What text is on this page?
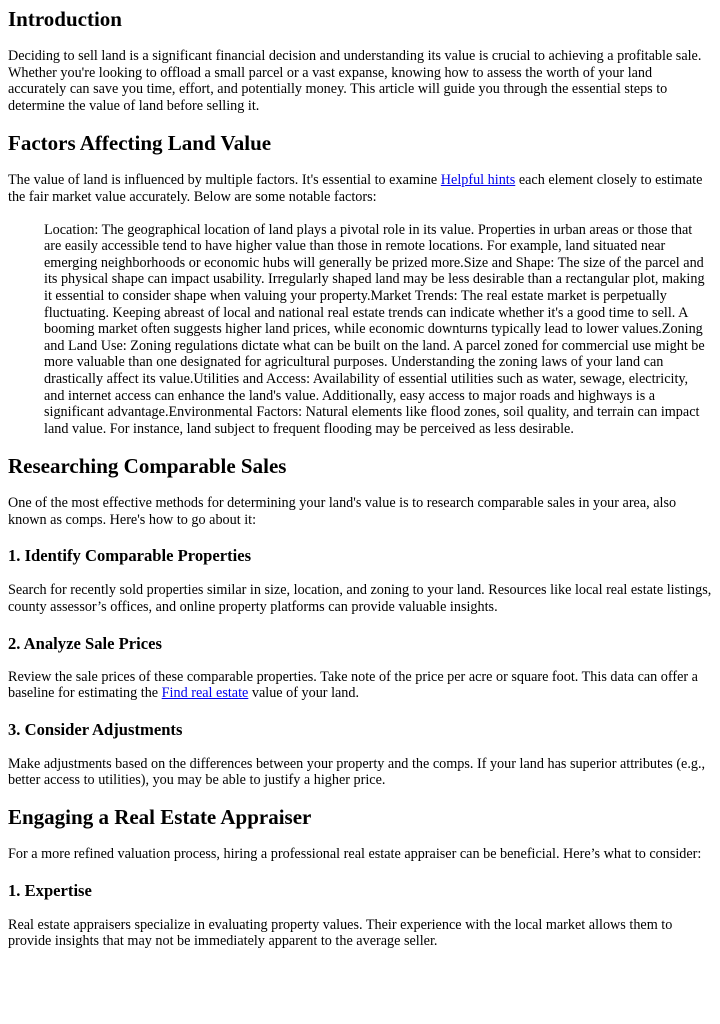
Introduction

Deciding to sell land is a significant financial decision and understanding its value is crucial to achieving a profitable sale. Whether you're looking to offload a small parcel or a vast expanse, knowing how to assess the worth of your land accurately can save you time, effort, and potentially money. This article will guide you through the essential steps to determine the value of land before selling it.

Factors Affecting Land Value

The value of land is influenced by multiple factors. It's essential to examine Helpful hints each element closely to estimate the fair market value accurately. Below are some notable factors:

Location: The geographical location of land plays a pivotal role in its value. Properties in urban areas or those that are easily accessible tend to have higher value than those in remote locations. For example, land situated near emerging neighborhoods or economic hubs will generally be prized more.Size and Shape: The size of the parcel and its physical shape can impact usability. Irregularly shaped land may be less desirable than a rectangular plot, making it essential to consider shape when valuing your property.Market Trends: The real estate market is perpetually fluctuating. Keeping abreast of local and national real estate trends can indicate whether it's a good time to sell. A booming market often suggests higher land prices, while economic downturns typically lead to lower values.Zoning and Land Use: Zoning regulations dictate what can be built on the land. A parcel zoned for commercial use might be more valuable than one designated for agricultural purposes. Understanding the zoning laws of your land can drastically affect its value.Utilities and Access: Availability of essential utilities such as water, sewage, electricity, and internet access can enhance the land's value. Additionally, easy access to major roads and highways is a significant advantage.Environmental Factors: Natural elements like flood zones, soil quality, and terrain can impact land value. For instance, land subject to frequent flooding may be perceived as less desirable.
Researching Comparable Sales

One of the most effective methods for determining your land's value is to research comparable sales in your area, also known as comps. Here's how to go about it:

1. Identify Comparable Properties

Search for recently sold properties similar in size, location, and zoning to your land. Resources like local real estate listings, county assessor’s offices, and online property platforms can provide valuable insights.

2. Analyze Sale Prices

Review the sale prices of these comparable properties. Take note of the price per acre or square foot. This data can offer a baseline for estimating the Find real estate value of your land.

3. Consider Adjustments

Make adjustments based on the differences between your property and the comps. If your land has superior attributes (e.g., better access to utilities), you may be able to justify a higher price.

Engaging a Real Estate Appraiser

For a more refined valuation process, hiring a professional real estate appraiser can be beneficial. Here’s what to consider:

1. Expertise

Real estate appraisers specialize in evaluating property values. Their experience with the local market allows them to provide insights that may not be immediately apparent to the average seller.
